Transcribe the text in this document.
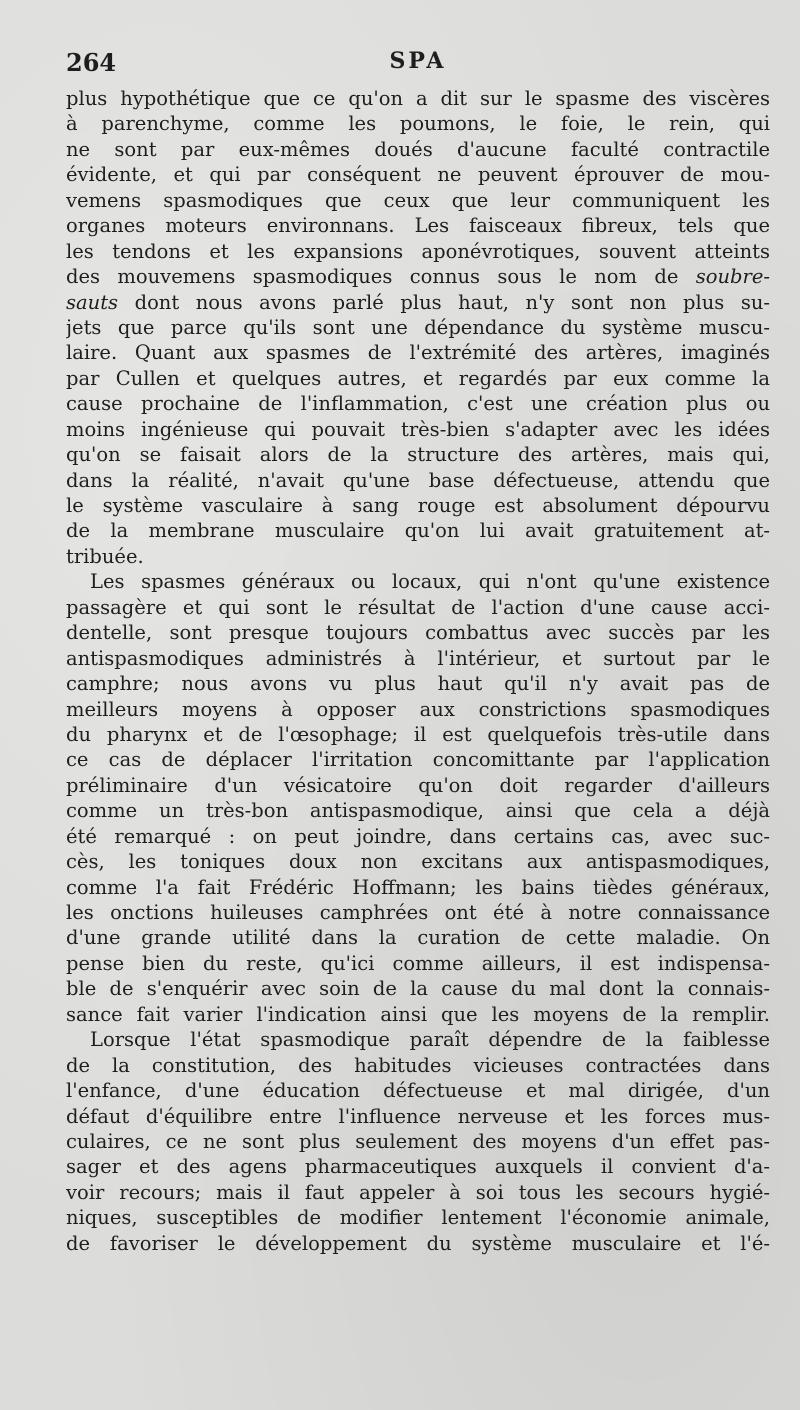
264	SPA
plus hypothétique que ce qu'on a dit sur le spasme des viscères
à parenchyme, comme les poumons, le foie, le rein, qui
ne sont par eux-mêmes doués d'aucune faculté contractile
évidente, et qui par conséquent ne peuvent éprouver de mou-
vemens spasmodiques que ceux que leur communiquent les
organes moteurs environnans. Les faisceaux fibreux, tels que
les tendons et les expansions aponévrotiques, souvent atteints
des mouvemens spasmodiques connus sous le nom de soubre-
sauts dont nous avons parlé plus haut, n'y sont non plus su-
jets que parce qu'ils sont une dépendance du système muscu-
laire. Quant aux spasmes de l'extrémité des artères, imaginés
par Cullen et quelques autres, et regardés par eux comme la
cause prochaine de l'inflammation, c'est une création plus ou
moins ingénieuse qui pouvait très-bien s'adapter avec les idées
qu'on se faisait alors de la structure des artères, mais qui,
dans la réalité, n'avait qu'une base défectueuse, attendu que
le système vasculaire à sang rouge est absolument dépourvu
de la membrane musculaire qu'on lui avait gratuitement at-
tribuée.
Les spasmes généraux ou locaux, qui n'ont qu'une existence
passagère et qui sont le résultat de l'action d'une cause acci-
dentelle, sont presque toujours combattus avec succès par les
antispasmodiques administrés à l'intérieur, et surtout par le
camphre; nous avons vu plus haut qu'il n'y avait pas de
meilleurs moyens à opposer aux constrictions spasmodiques
du pharynx et de l'œsophage; il est quelquefois très-utile dans
ce cas de déplacer l'irritation concomittante par l'application
préliminaire d'un vésicatoire qu'on doit regarder d'ailleurs
comme un très-bon antispasmodique, ainsi que cela a déjà
été remarqué : on peut joindre, dans certains cas, avec suc-
cès, les toniques doux non excitans aux antispasmodiques,
comme l'a fait Frédéric Hoffmann; les bains tièdes généraux,
les onctions huileuses camphrées ont été à notre connaissance
d'une grande utilité dans la curation de cette maladie. On
pense bien du reste, qu'ici comme ailleurs, il est indispensa-
ble de s'enquérir avec soin de la cause du mal dont la connais-
sance fait varier l'indication ainsi que les moyens de la remplir.
Lorsque l'état spasmodique paraît dépendre de la faiblesse
de la constitution, des habitudes vicieuses contractées dans
l'enfance, d'une éducation défectueuse et mal dirigée, d'un
défaut d'équilibre entre l'influence nerveuse et les forces mus-
culaires, ce ne sont plus seulement des moyens d'un effet pas-
sager et des agens pharmaceutiques auxquels il convient d'a-
voir recours; mais il faut appeler à soi tous les secours hygié-
niques, susceptibles de modifier lentement l'économie animale,
de favoriser le développement du système musculaire et l'é-
